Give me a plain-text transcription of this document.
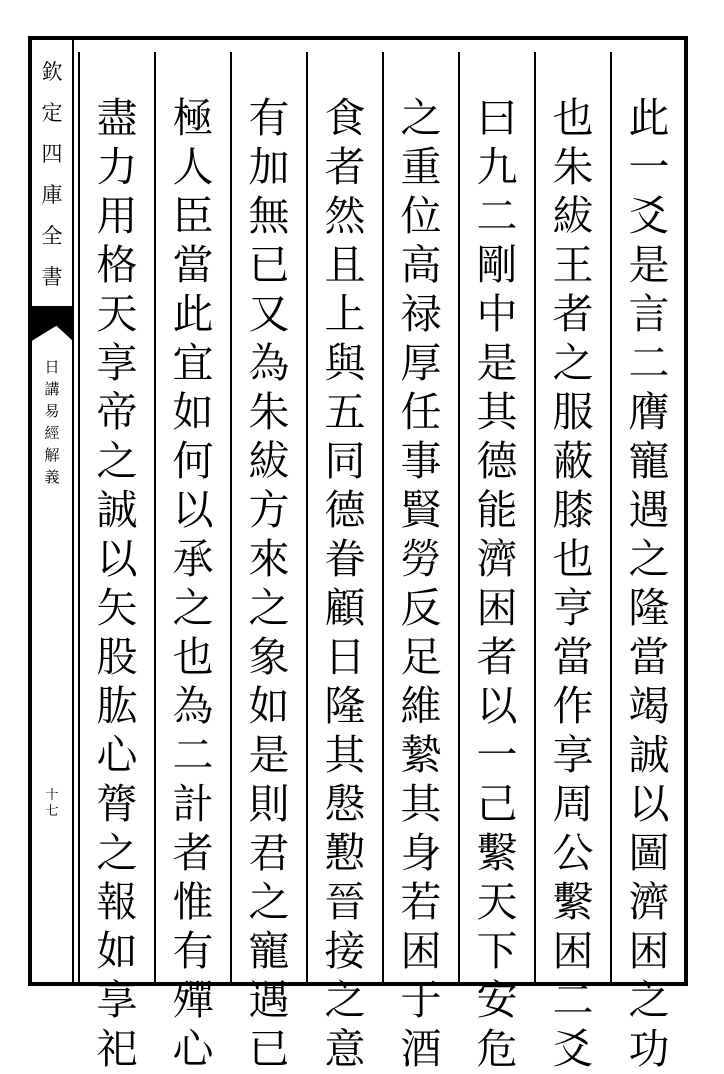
欽
定
四
庫
全
書
日
講
易
經
解
義
十
七
此
一
爻
是
言
二
膺
寵
遇
之
隆
當
竭
誠
以
圖
濟
困
之
功
也
朱
紱
王
者
之
服
蔽
膝
也
亨
當
作
享
周
公
繫
困
二
爻
曰
九
二
剛
中
是
其
德
能
濟
困
者
以
一
己
繫
天
下
安
危
之
重
位
高
禄
厚
任
事
賢
勞
反
足
維
縶
其
身
若
困
于
酒
食
者
然
且
上
與
五
同
德
眷
顧
日
隆
其
慇
懃
晉
接
之
意
有
加
無
已
又
為
朱
紱
方
來
之
象
如
是
則
君
之
寵
遇
已
極
人
臣
當
此
宜
如
何
以
承
之
也
為
二
計
者
惟
有
殫
心
盡
力
用
格
天
享
帝
之
誠
以
矢
股
肱
心
膂
之
報
如
享
祀
